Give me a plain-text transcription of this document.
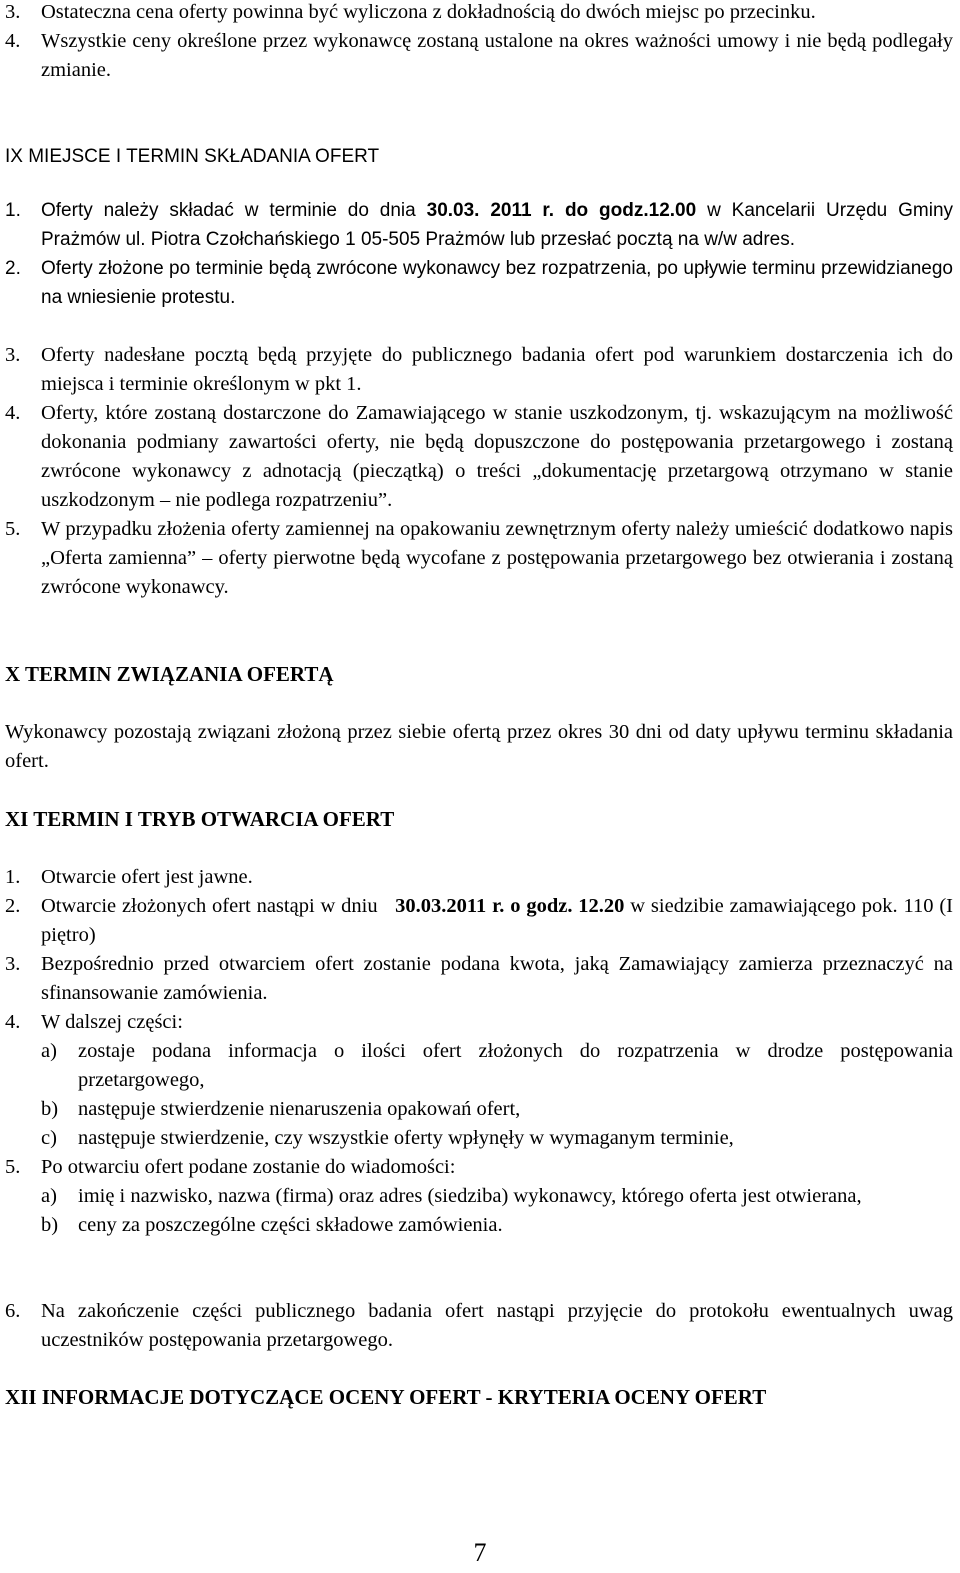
3. Ostateczna cena oferty powinna być wyliczona z dokładnością do dwóch miejsc po przecinku.
4. Wszystkie ceny określone przez wykonawcę zostaną ustalone na okres ważności umowy i nie będą podlegały zmianie.
IX MIEJSCE I TERMIN SKŁADANIA OFERT
1. Oferty należy składać w terminie do dnia 30.03. 2011 r. do godz.12.00 w Kancelarii Urzędu Gminy Prażmów ul. Piotra Czołchańskiego 1 05-505 Prażmów lub przesłać pocztą na w/w adres.
2. Oferty złożone po terminie będą zwrócone wykonawcy bez rozpatrzenia, po upływie terminu przewidzianego na wniesienie protestu.
3. Oferty nadesłane pocztą będą przyjęte do publicznego badania ofert pod warunkiem dostarczenia ich do miejsca i terminie określonym w pkt 1.
4. Oferty, które zostaną dostarczone do Zamawiającego w stanie uszkodzonym, tj. wskazującym na możliwość dokonania podmiany zawartości oferty, nie będą dopuszczone do postępowania przetargowego i zostaną zwrócone wykonawcy z adnotacją (pieczątką) o treści „dokumentację przetargową otrzymano w stanie uszkodzonym – nie podlega rozpatrzeniu”.
5. W przypadku złożenia oferty zamiennej na opakowaniu zewnętrznym oferty należy umieścić dodatkowo napis „Oferta zamienna” – oferty pierwotne będą wycofane z postępowania przetargowego bez otwierania i zostaną zwrócone wykonawcy.
X TERMIN ZWIĄZANIA OFERTĄ
Wykonawcy pozostają związani złożoną przez siebie ofertą przez okres 30 dni od daty upływu terminu składania ofert.
XI TERMIN I TRYB OTWARCIA OFERT
1. Otwarcie ofert jest jawne.
2. Otwarcie złożonych ofert nastąpi w dniu 30.03.2011 r. o godz. 12.20 w siedzibie zamawiającego pok. 110 (I piętro)
3. Bezpośrednio przed otwarciem ofert zostanie podana kwota, jaką Zamawiający zamierza przeznaczyć na sfinansowanie zamówienia.
4. W dalszej części:
a) zostaje podana informacja o ilości ofert złożonych do rozpatrzenia w drodze postępowania przetargowego,
b) następuje stwierdzenie nienaruszenia opakowań ofert,
c) następuje stwierdzenie, czy wszystkie oferty wpłynęły w wymaganym terminie,
5. Po otwarciu ofert podane zostanie do wiadomości:
a) imię i nazwisko, nazwa (firma) oraz adres (siedziba) wykonawcy, którego oferta jest otwierana,
b) ceny za poszczególne części składowe zamówienia.
6. Na zakończenie części publicznego badania ofert nastąpi przyjęcie do protokołu ewentualnych uwag uczestników postępowania przetargowego.
XII INFORMACJE DOTYCZĄCE OCENY OFERT - KRYTERIA OCENY OFERT
7
